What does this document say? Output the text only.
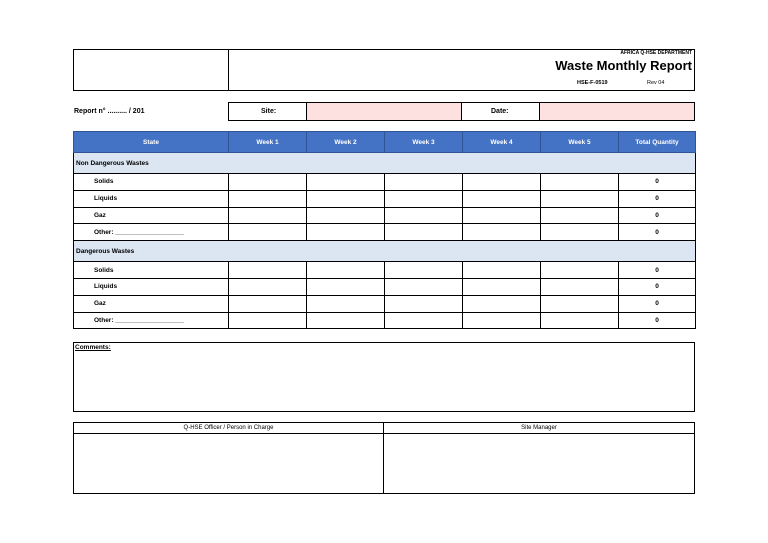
AFRICA Q-HSE DEPARTMENT
Waste Monthly Report
HSE-F-0519	Rev 04
Report n° .......... / 201	Site:	Date:
State	Week 1	Week 2	Week 3	Week 4	Week 5	Total Quantity
Non Dangerous Wastes						
Solids						0
Liquids						0
Gaz						0
Other: ___________________						0
Dangerous Wastes						
Solids						0
Liquids						0
Gaz						0
Other: ___________________						0
Comments:
Q-HSE Officer / Person in Charge	Site Manager
